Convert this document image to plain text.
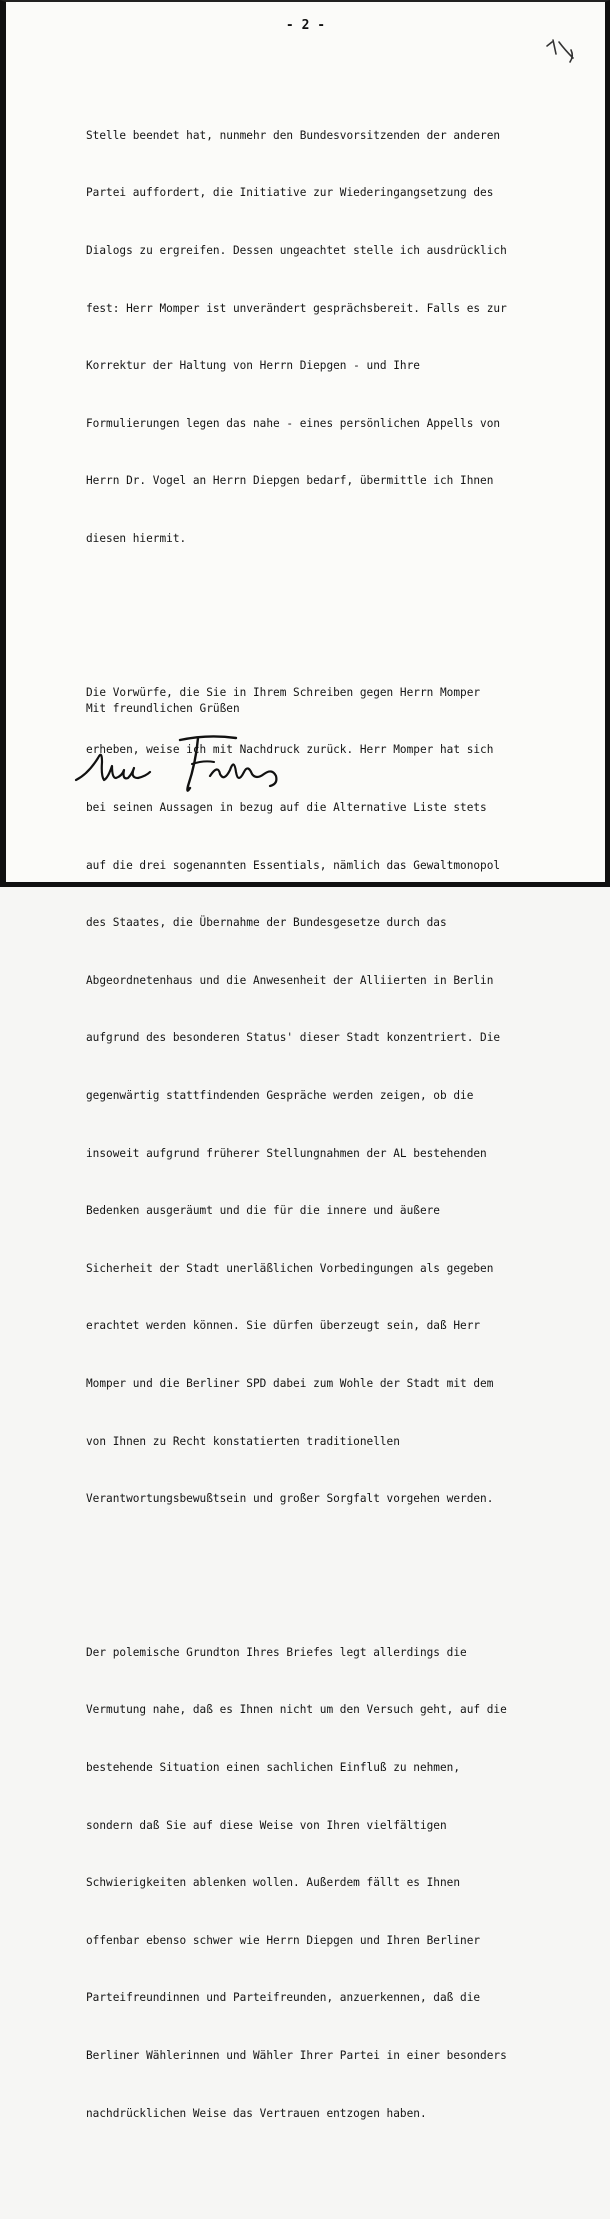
- 2 -

Stelle beendet hat, nunmehr den Bundesvorsitzenden der anderen

Partei auffordert, die Initiative zur Wiederingangsetzung des

Dialogs zu ergreifen. Dessen ungeachtet stelle ich ausdrücklich

fest: Herr Momper ist unverändert gesprächsbereit. Falls es zur

Korrektur der Haltung von Herrn Diepgen - und Ihre

Formulierungen legen das nahe - eines persönlichen Appells von

Herrn Dr. Vogel an Herrn Diepgen bedarf, übermittle ich Ihnen

diesen hiermit.

Die Vorwürfe, die Sie in Ihrem Schreiben gegen Herrn Momper

erheben, weise ich mit Nachdruck zurück. Herr Momper hat sich

bei seinen Aussagen in bezug auf die Alternative Liste stets

auf die drei sogenannten Essentials, nämlich das Gewaltmonopol

des Staates, die Übernahme der Bundesgesetze durch das

Abgeordnetenhaus und die Anwesenheit der Alliierten in Berlin

aufgrund des besonderen Status' dieser Stadt konzentriert. Die

gegenwärtig stattfindenden Gespräche werden zeigen, ob die

insoweit aufgrund früherer Stellungnahmen der AL bestehenden

Bedenken ausgeräumt und die für die innere und äußere

Sicherheit der Stadt unerläßlichen Vorbedingungen als gegeben

erachtet werden können. Sie dürfen überzeugt sein, daß Herr

Momper und die Berliner SPD dabei zum Wohle der Stadt mit dem

von Ihnen zu Recht konstatierten traditionellen

Verantwortungsbewußtsein und großer Sorgfalt vorgehen werden.

Der polemische Grundton Ihres Briefes legt allerdings die

Vermutung nahe, daß es Ihnen nicht um den Versuch geht, auf die

bestehende Situation einen sachlichen Einfluß zu nehmen,

sondern daß Sie auf diese Weise von Ihren vielfältigen

Schwierigkeiten ablenken wollen. Außerdem fällt es Ihnen

offenbar ebenso schwer wie Herrn Diepgen und Ihren Berliner

Parteifreundinnen und Parteifreunden, anzuerkennen, daß die

Berliner Wählerinnen und Wähler Ihrer Partei in einer besonders

nachdrücklichen Weise das Vertrauen entzogen haben.

Mit freundlichen Grüßen
